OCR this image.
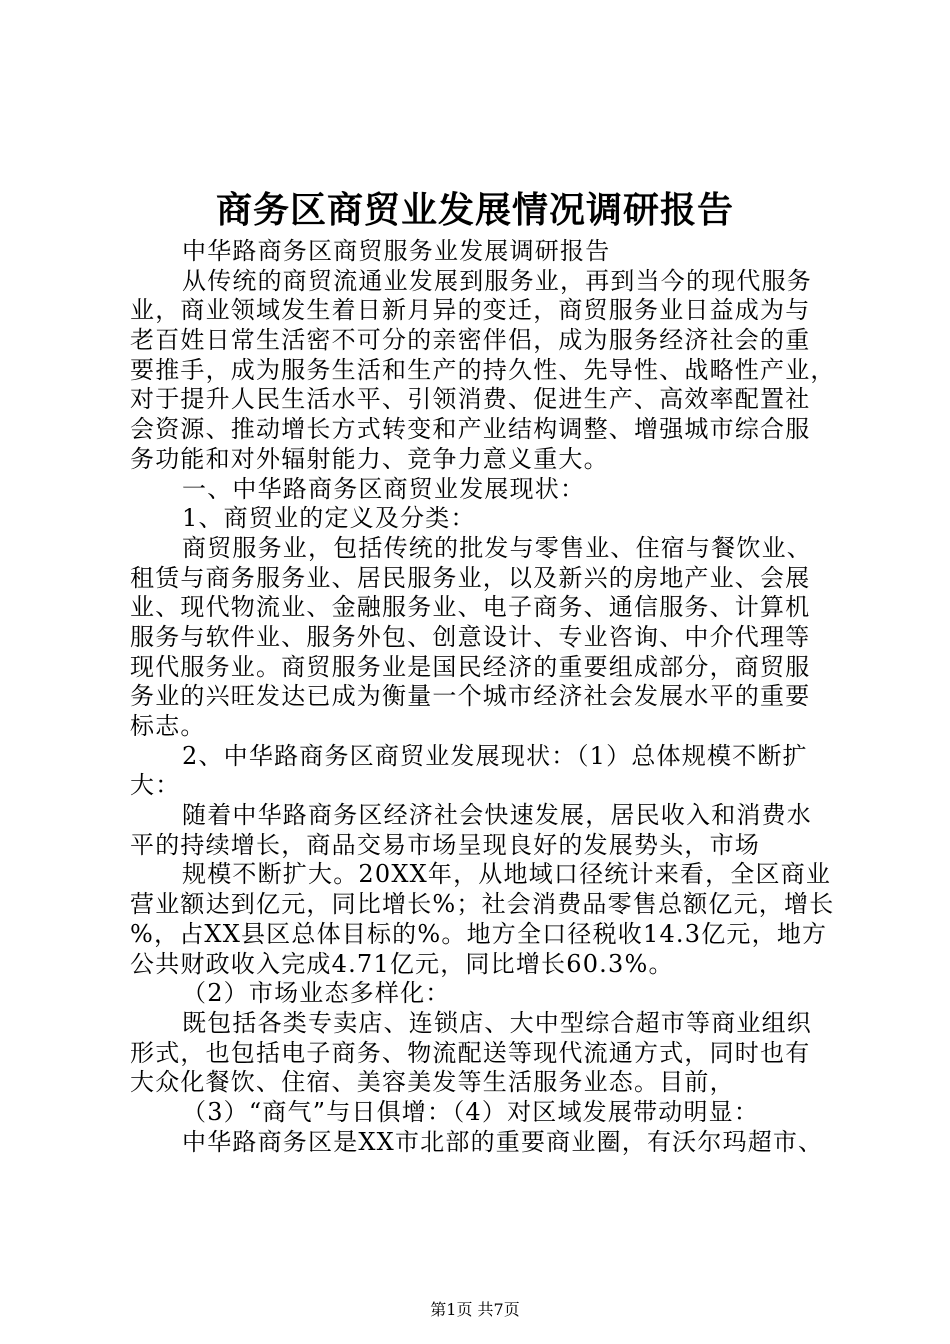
商务区商贸业发展情况调研报告
中华路商务区商贸服务业发展调研报告
从传统的商贸流通业发展到服务业，再到当今的现代服务
业，商业领域发生着日新月异的变迁，商贸服务业日益成为与
老百姓日常生活密不可分的亲密伴侣，成为服务经济社会的重
要推手，成为服务生活和生产的持久性、先导性、战略性产业，
对于提升人民生活水平、引领消费、促进生产、高效率配置社
会资源、推动增长方式转变和产业结构调整、增强城市综合服
务功能和对外辐射能力、竞争力意义重大。
一、中华路商务区商贸业发展现状：
1、商贸业的定义及分类：
商贸服务业，包括传统的批发与零售业、住宿与餐饮业、
租赁与商务服务业、居民服务业，以及新兴的房地产业、会展
业、现代物流业、金融服务业、电子商务、通信服务、计算机
服务与软件业、服务外包、创意设计、专业咨询、中介代理等
现代服务业。商贸服务业是国民经济的重要组成部分，商贸服
务业的兴旺发达已成为衡量一个城市经济社会发展水平的重要
标志。
2、中华路商务区商贸业发展现状：（1）总体规模不断扩
大：
随着中华路商务区经济社会快速发展，居民收入和消费水
平的持续增长，商品交易市场呈现良好的发展势头，市场
规模不断扩大。20XX年，从地域口径统计来看，全区商业
营业额达到亿元，同比增长%；社会消费品零售总额亿元，增长
%，占XX县区总体目标的%。地方全口径税收14.3亿元，地方
公共财政收入完成4.71亿元，同比增长60.3%。
（2）市场业态多样化：
既包括各类专卖店、连锁店、大中型综合超市等商业组织
形式，也包括电子商务、物流配送等现代流通方式，同时也有
大众化餐饮、住宿、美容美发等生活服务业态。目前，
（3）“商气”与日俱增：（4）对区域发展带动明显：
中华路商务区是XX市北部的重要商业圈，有沃尔玛超市、
第1页 共7页
